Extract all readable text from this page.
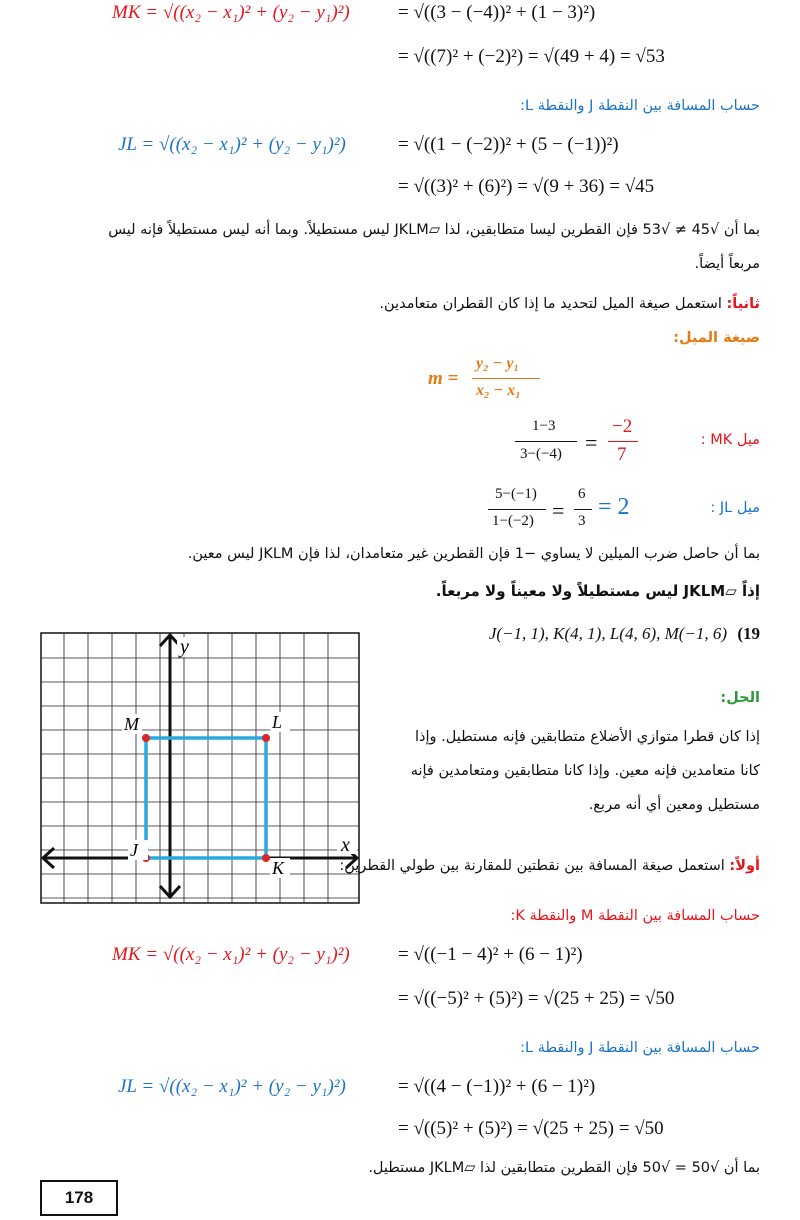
MK = √((x₂ − x₁)² + (y₂ − y₁)²)	= √((3 − (−4))² + (1 − 3)²)
= √((7)² + (−2)²) = √(49 + 4) = √53
حساب المسافة بين النقطة J والنقطة L:
JL = √((x₂ − x₁)² + (y₂ − y₁)²)	= √((1 − (−2))² + (5 − (−1))²)
= √((3)² + (6)²) = √(9 + 36) = √45
بما أن √45 ≠ √53 فإن القطرين ليسا متطابقين، لذا ▱JKLM ليس مستطيلاً. وبما أنه ليس مستطيلاً فإنه ليس
مربعاً أيضاً.
ثانياً: استعمل صيغة الميل لتحديد ما إذا كان القطران متعامدين.
صيغة الميل:
m =
y₂ − y₁
x₂ − x₁
1−3
3−(−4) =
−2
7
ميل MK :
5−(−1)
1−(−2) =
6
3
= 2	ميل JL :
بما أن حاصل ضرب الميلين لا يساوي −1 فإن القطرين غير متعامدان، لذا فإن JKLM ليس معين.
إذاً ▱JKLM ليس مستطيلاً ولا معيناً ولا مربعاً.
J(−1, 1), K(4, 1), L(4, 6), M(−1, 6) (19
y
x
J
K
L
M
الحل:
إذا كان قطرا متوازي الأضلاع متطابقين فإنه مستطيل. وإذا
كانا متعامدين فإنه معين. وإذا كانا متطابقين ومتعامدين فإنه
مستطيل ومعين أي أنه مربع.
أولاً: استعمل صيغة المسافة بين نقطتين للمقارنة بين طولي القطرين:
حساب المسافة بين النقطة M والنقطة K:
MK = √((x₂ − x₁)² + (y₂ − y₁)²)	= √((−1 − 4)² + (6 − 1)²)
= √((−5)² + (5)²) = √(25 + 25) = √50
حساب المسافة بين النقطة J والنقطة L:
JL = √((x₂ − x₁)² + (y₂ − y₁)²)	= √((4 − (−1))² + (6 − 1)²)
= √((5)² + (5)²) = √(25 + 25) = √50
بما أن √50 = √50 فإن القطرين متطابقين لذا ▱JKLM مستطيل.
178
